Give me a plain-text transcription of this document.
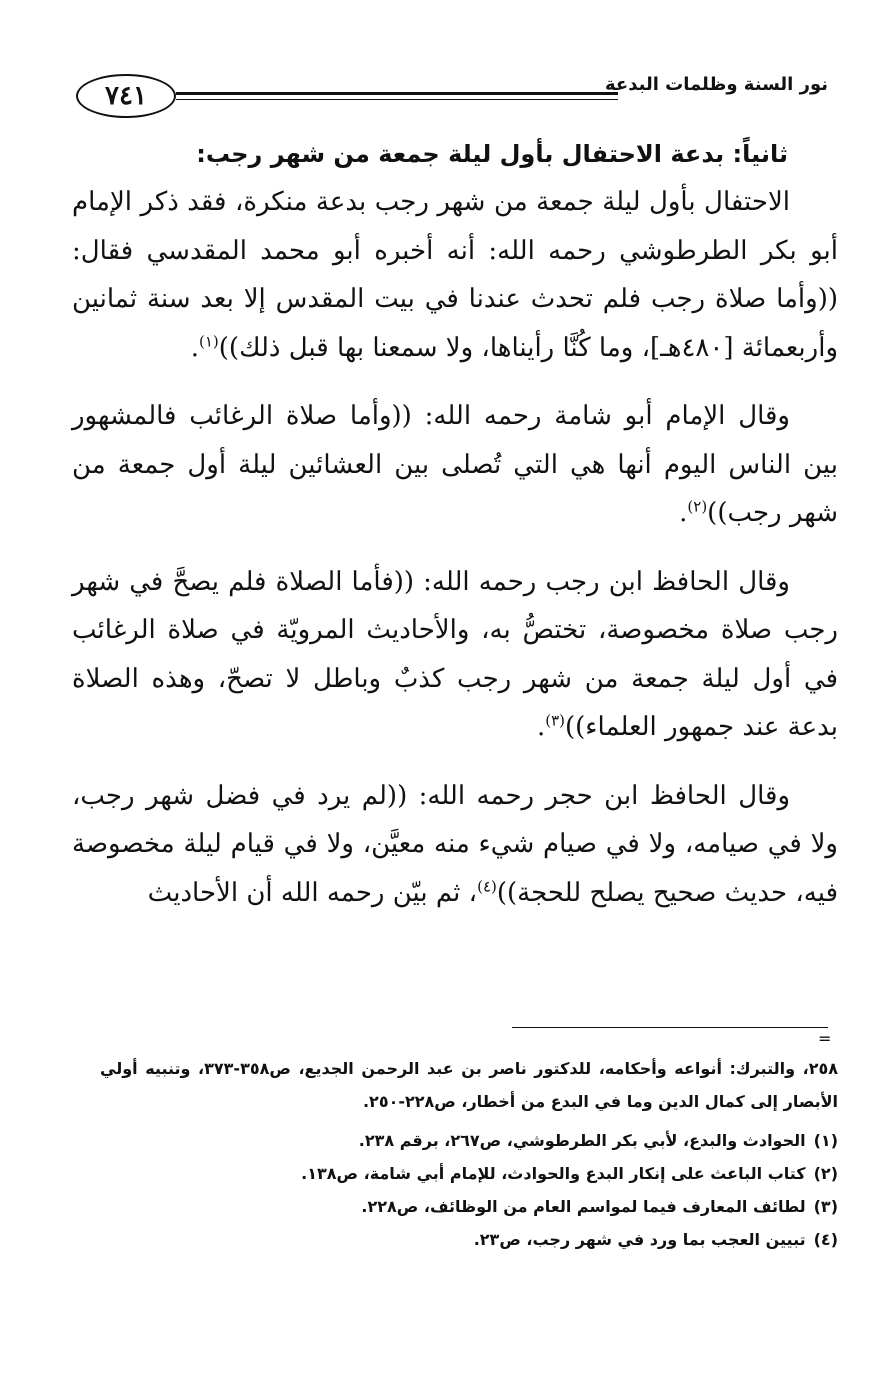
٧٤١	نور السنة وظلمات البدعة
ثانياً: بدعة الاحتفال بأول ليلة جمعة من شهر رجب:

الاحتفال بأول ليلة جمعة من شهر رجب بدعة منكرة، فقد ذكر الإمام أبو بكر الطرطوشي رحمه الله: أنه أخبره أبو محمد المقدسي فقال: ((وأما صلاة رجب فلم تحدث عندنا في بيت المقدس إلا بعد سنة ثمانين وأربعمائة [٤٨٠هـ]، وما كُنَّا رأيناها، ولا سمعنا بها قبل ذلك))$^{(١)}$.

وقال الإمام أبو شامة رحمه الله: ((وأما صلاة الرغائب فالمشهور بين الناس اليوم أنها هي التي تُصلى بين العشائين ليلة أول جمعة من شهر رجب))$^{(٢)}$.

وقال الحافظ ابن رجب رحمه الله: ((فأما الصلاة فلم يصحَّ في شهر رجب صلاة مخصوصة، تختصُّ به، والأحاديث المرويّة في صلاة الرغائب في أول ليلة جمعة من شهر رجب كذبٌ وباطل لا تصحّ، وهذه الصلاة بدعة عند جمهور العلماء))$^{(٣)}$.

وقال الحافظ ابن حجر رحمه الله: ((لم يرد في فضل شهر رجب، ولا في صيامه، ولا في صيام شيء منه معيَّن، ولا في قيام ليلة مخصوصة فيه، حديث صحيح يصلح للحجة))$^{(٤)}$، ثم بيّن رحمه الله أن الأحاديث

=

٢٥٨، والتبرك: أنواعه وأحكامه، للدكتور ناصر بن عبد الرحمن الجديع، ص٣٥٨-٣٧٣، وتنبيه أولي الأبصار إلى كمال الدين وما في البدع من أخطار، ص٢٢٨-٢٥٠.

(١)الحوادث والبدع، لأبي بكر الطرطوشي، ص٢٦٧، برقم ٢٣٨.

(٢)كتاب الباعث على إنكار البدع والحوادث، للإمام أبي شامة، ص١٣٨.

(٣)لطائف المعارف فيما لمواسم العام من الوظائف، ص٢٢٨.

(٤)تبيين العجب بما ورد في شهر رجب، ص٢٣.
